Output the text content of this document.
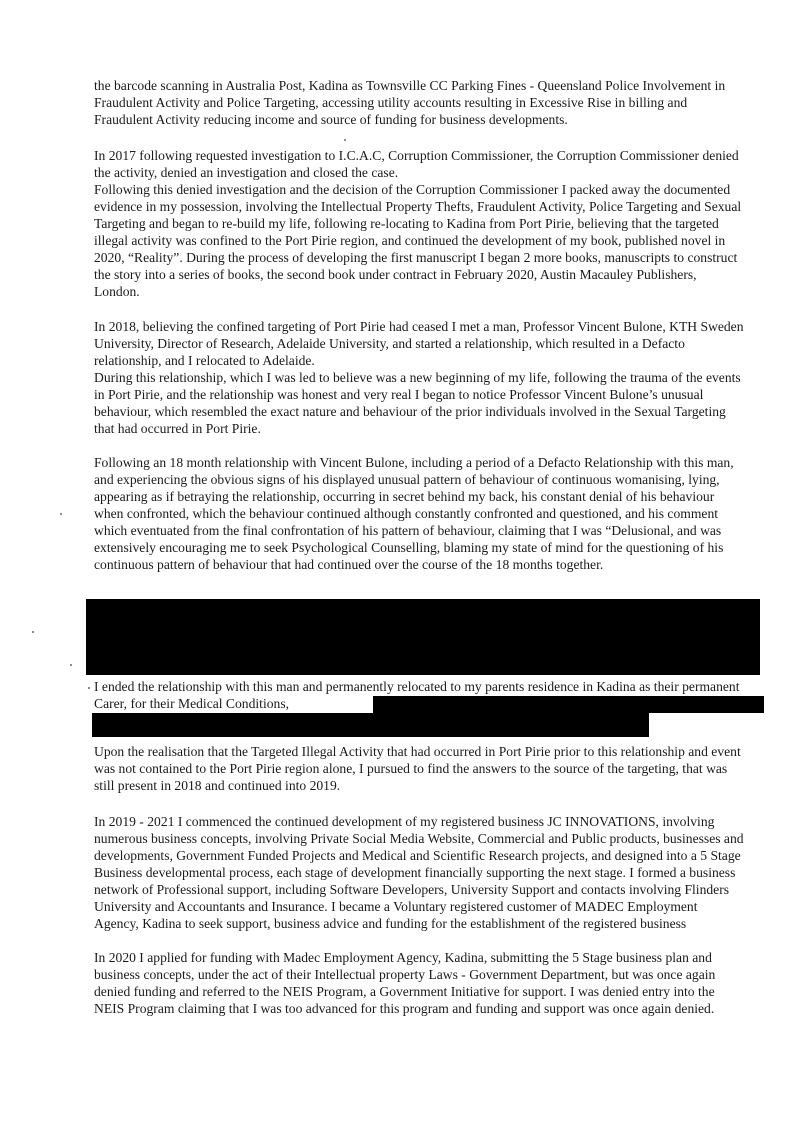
the barcode scanning in Australia Post, Kadina as Townsville CC Parking Fines - Queensland Police Involvement in Fraudulent Activity and Police Targeting, accessing utility accounts resulting in Excessive Rise in billing and Fraudulent Activity reducing income and source of funding for business developments.

In 2017 following requested investigation to I.C.A.C, Corruption Commissioner, the Corruption Commissioner denied the activity, denied an investigation and closed the case.

Following this denied investigation and the decision of the Corruption Commissioner I packed away the documented evidence in my possession, involving the Intellectual Property Thefts, Fraudulent Activity, Police Targeting and Sexual Targeting and began to re-build my life, following re-locating to Kadina from Port Pirie, believing that the targeted illegal activity was confined to the Port Pirie region, and continued the development of my book, published novel in 2020, “Reality”. During the process of developing the first manuscript I began 2 more books, manuscripts to construct the story into a series of books, the second book under contract in February 2020, Austin Macauley Publishers, London.

In 2018, believing the confined targeting of Port Pirie had ceased I met a man, Professor Vincent Bulone, KTH Sweden University, Director of Research, Adelaide University, and started a relationship, which resulted in a Defacto relationship, and I relocated to Adelaide.

During this relationship, which I was led to believe was a new beginning of my life, following the trauma of the events in Port Pirie, and the relationship was honest and very real I began to notice Professor Vincent Bulone’s unusual behaviour, which resembled the exact nature and behaviour of the prior individuals involved in the Sexual Targeting that had occurred in Port Pirie.

Following an 18 month relationship with Vincent Bulone, including a period of a Defacto Relationship with this man, and experiencing the obvious signs of his displayed unusual pattern of behaviour of continuous womanising, lying, appearing as if betraying the relationship, occurring in secret behind my back, his constant denial of his behaviour when confronted, which the behaviour continued although constantly confronted and questioned, and his comment which eventuated from the final confrontation of his pattern of behaviour, claiming that I was “Delusional, and was extensively encouraging me to seek Psychological Counselling, blaming my state of mind for the questioning of his continuous pattern of behaviour that had continued over the course of the 18 months together.

I ended the relationship with this man and permanently relocated to my parents residence in Kadina as their permanent Carer, for their Medical Conditions,

Upon the realisation that the Targeted Illegal Activity that had occurred in Port Pirie prior to this relationship and event was not contained to the Port Pirie region alone, I pursued to find the answers to the source of the targeting, that was still present in 2018 and continued into 2019.

In 2019 - 2021 I commenced the continued development of my registered business JC INNOVATIONS, involving numerous business concepts, involving Private Social Media Website, Commercial and Public products, businesses and developments, Government Funded Projects and Medical and Scientific Research projects, and designed into a 5 Stage Business developmental process, each stage of development financially supporting the next stage. I formed a business network of Professional support, including Software Developers, University Support and contacts involving Flinders University and Accountants and Insurance. I became a Voluntary registered customer of MADEC Employment Agency, Kadina to seek support, business advice and funding for the establishment of the registered business

In 2020 I applied for funding with Madec Employment Agency, Kadina, submitting the 5 Stage business plan and business concepts, under the act of their Intellectual property Laws - Government Department, but was once again denied funding and referred to the NEIS Program, a Government Initiative for support. I was denied entry into the NEIS Program claiming that I was too advanced for this program and funding and support was once again denied.
